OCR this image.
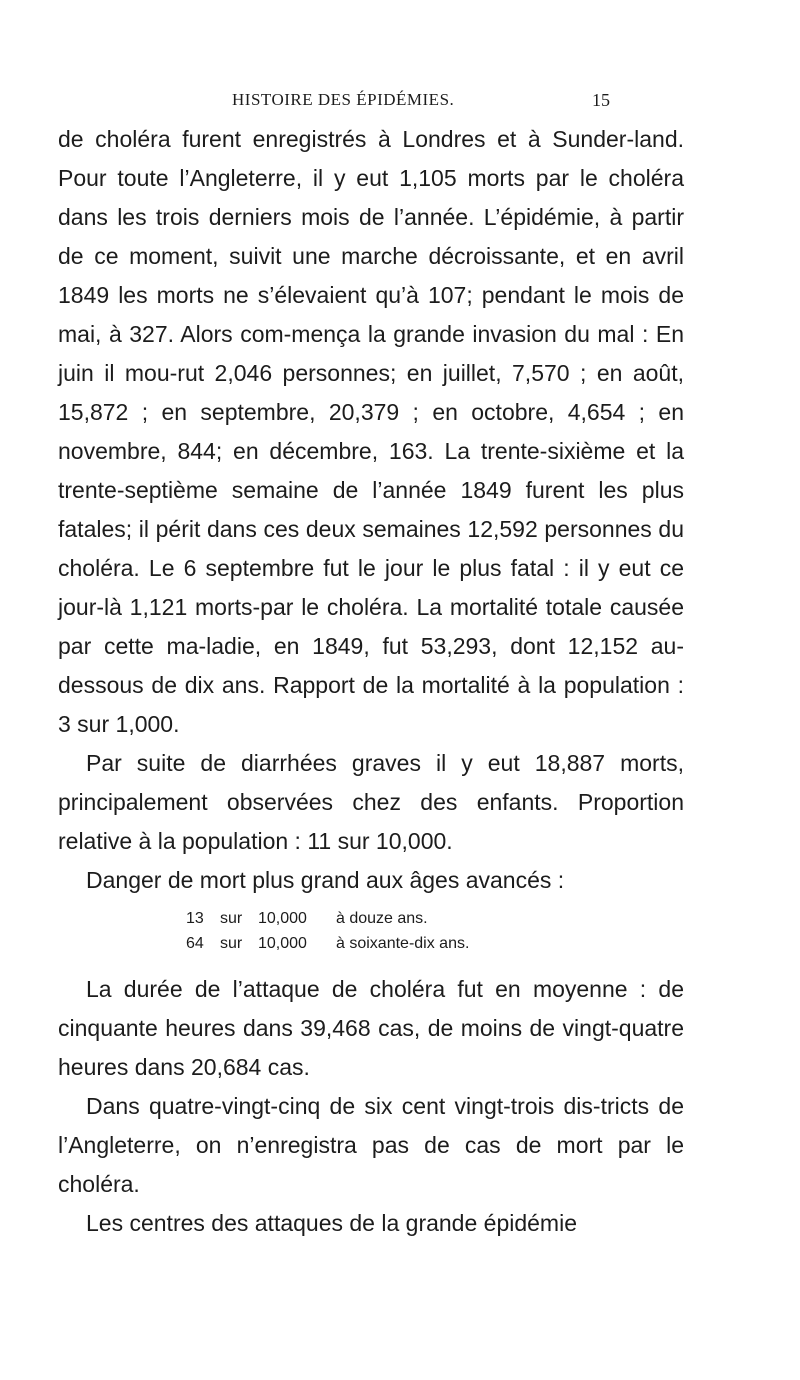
HISTOIRE DES ÉPIDÉMIES.	15

de choléra furent enregistrés à Londres et à Sunder-land. Pour toute l’Angleterre, il y eut 1,105 morts par le choléra dans les trois derniers mois de l’année. L’épidémie, à partir de ce moment, suivit une marche décroissante, et en avril 1849 les morts ne s’élevaient qu’à 107; pendant le mois de mai, à 327. Alors com-mença la grande invasion du mal : En juin il mou-rut 2,046 personnes; en juillet, 7,570 ; en août, 15,872 ; en septembre, 20,379 ; en octobre, 4,654 ; en novembre, 844; en décembre, 163. La trente-sixième et la trente-septième semaine de l’année 1849 furent les plus fatales; il périt dans ces deux semaines 12,592 personnes du choléra. Le 6 septembre fut le jour le plus fatal : il y eut ce jour-là 1,121 morts-par le choléra. La mortalité totale causée par cette ma-ladie, en 1849, fut 53,293, dont 12,152 au-dessous de dix ans. Rapport de la mortalité à la population : 3 sur 1,000.

Par suite de diarrhées graves il y eut 18,887 morts, principalement observées chez des enfants. Proportion relative à la population : 11 sur 10,000.

Danger de mort plus grand aux âges avancés :

13	sur 10,000	à douze ans.
64	sur 10,000	à soixante-dix ans.

La durée de l’attaque de choléra fut en moyenne : de cinquante heures dans 39,468 cas, de moins de vingt-quatre heures dans 20,684 cas.

Dans quatre-vingt-cinq de six cent vingt-trois dis-tricts de l’Angleterre, on n’enregistra pas de cas de mort par le choléra.

Les centres des attaques de la grande épidémie
